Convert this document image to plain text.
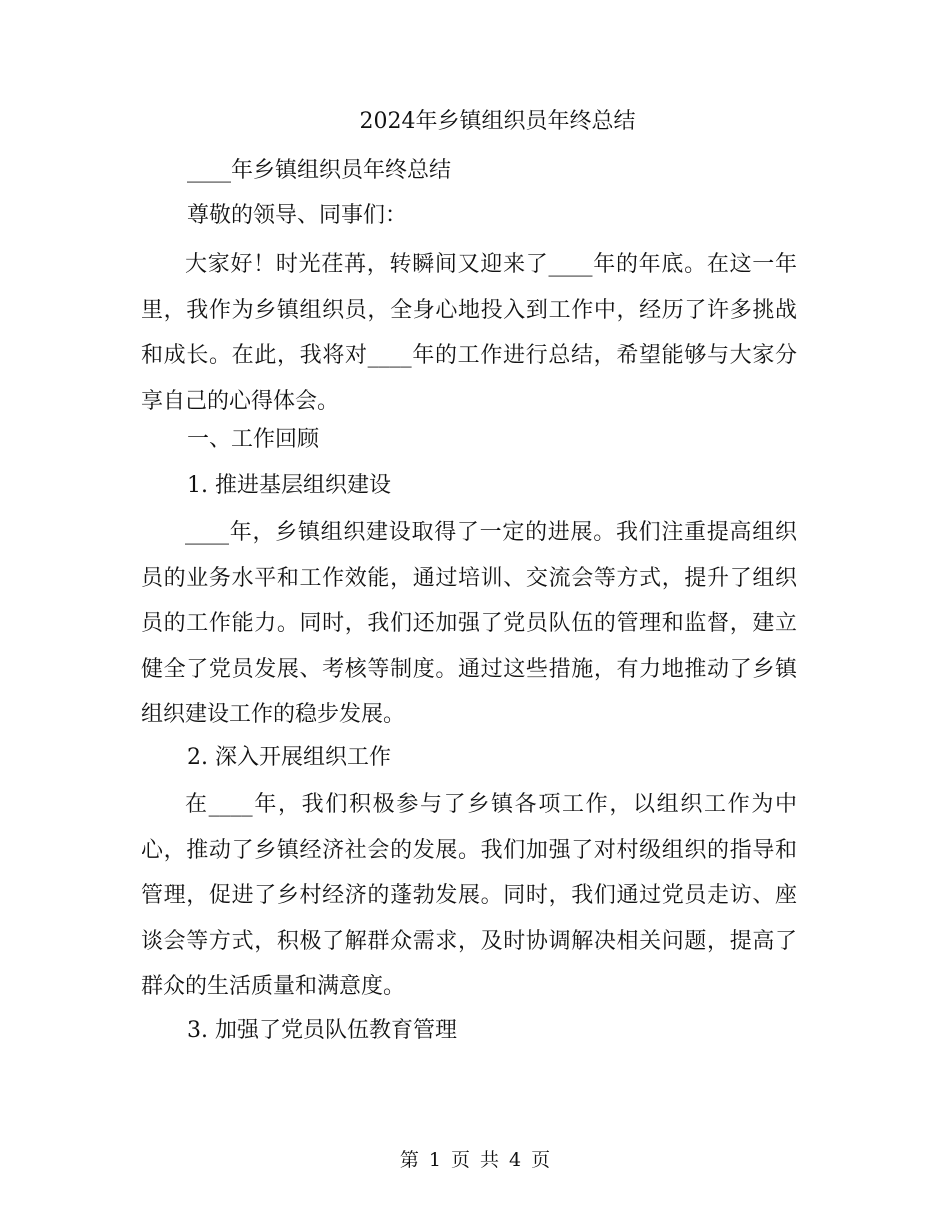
2024年乡镇组织员年终总结
____年乡镇组织员年终总结
尊敬的领导、同事们：
大家好！时光荏苒，转瞬间又迎来了____年的年底。在这一年里，我作为乡镇组织员，全身心地投入到工作中，经历了许多挑战和成长。在此，我将对____年的工作进行总结，希望能够与大家分享自己的心得体会。
一、工作回顾
1. 推进基层组织建设
____年，乡镇组织建设取得了一定的进展。我们注重提高组织员的业务水平和工作效能，通过培训、交流会等方式，提升了组织员的工作能力。同时，我们还加强了党员队伍的管理和监督，建立健全了党员发展、考核等制度。通过这些措施，有力地推动了乡镇组织建设工作的稳步发展。
2. 深入开展组织工作
在____年，我们积极参与了乡镇各项工作，以组织工作为中心，推动了乡镇经济社会的发展。我们加强了对村级组织的指导和管理，促进了乡村经济的蓬勃发展。同时，我们通过党员走访、座谈会等方式，积极了解群众需求，及时协调解决相关问题，提高了群众的生活质量和满意度。
3. 加强了党员队伍教育管理
第 1 页 共 4 页
